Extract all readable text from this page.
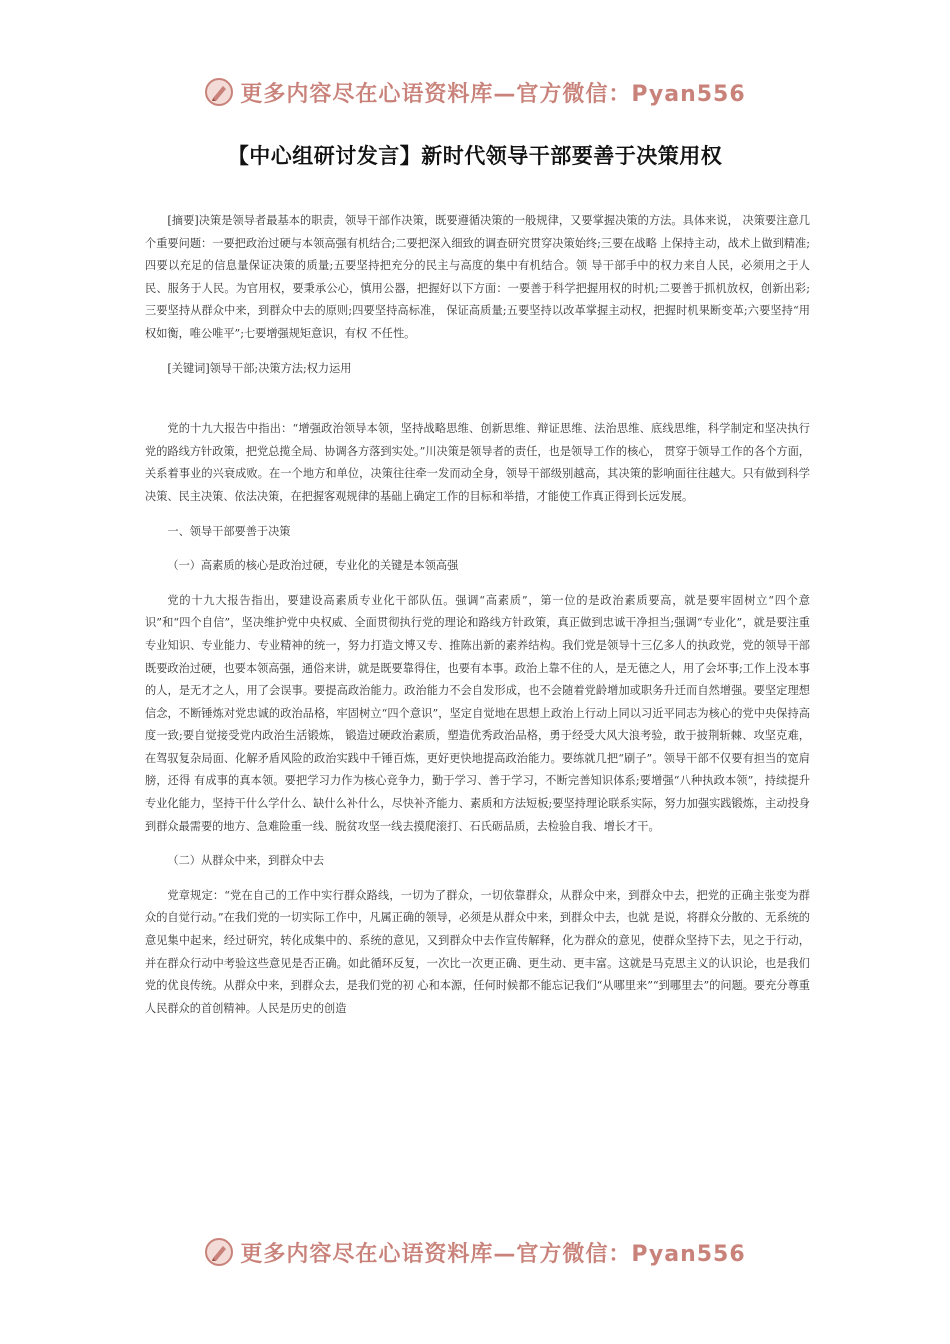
更多内容尽在心语资料库—官方微信：Pyan556
【中心组研讨发言】新时代领导干部要善于决策用权

[摘要]决策是领导者最基本的职责，领导干部作决策，既要遵循决策的一般规律，又要掌握决策的方法。具体来说， 决策要注意几个重要问题：一要把政治过硬与本领高强有机结合;二要把深入细致的调查研究贯穿决策始终;三要在战略 上保持主动，战术上做到精准;四要以充足的信息量保证决策的质量;五要坚持把充分的民主与高度的集中有机结合。领 导干部手中的权力来自人民，必须用之于人民、服务于人民。为官用权，要秉承公心，慎用公器，把握好以下方面：一要善于科学把握用权的时机;二要善于抓机放权，创新出彩;三要坚持从群众中来，到群众中去的原则;四要坚持高标准， 保证高质量;五要坚持以改革掌握主动权，把握时机果断变革;六要坚持“用权如衡，唯公唯平”;七要增强规矩意识，有权 不任性。

[关键词]领导干部;决策方法;权力运用

党的十九大报告中指出：“增强政治领导本领，坚持战略思维、创新思维、辩证思维、法治思维、底线思维，科学制定和坚决执行党的路线方针政策，把党总揽全局、协调各方落到实处。”川决策是领导者的责任，也是领导工作的核心， 贯穿于领导工作的各个方面，关系着事业的兴衰成败。在一个地方和单位，决策往往牵一发而动全身，领导干部级别越高，其决策的影响面往往越大。只有做到科学决策、民主决策、依法决策，在把握客观规律的基础上确定工作的目标和举措，才能使工作真正得到长远发展。

一、领导干部要善于决策

（一）高素质的核心是政治过硬，专业化的关键是本领高强

党的十九大报告指出，要建设高素质专业化干部队伍。强调“高素质”，第一位的是政治素质要高，就是要牢固树立“四个意识”和“四个自信”，坚决维护党中央权威、全面贯彻执行党的理论和路线方针政策，真正做到忠诚干净担当;强调“专业化”，就是要注重专业知识、专业能力、专业精神的统一，努力打造文博又专、推陈出新的素养结构。我们党是领导十三亿多人的执政党，党的领导干部既要政治过硬，也要本领高强，通俗来讲，就是既要靠得住，也要有本事。政治上靠不住的人，是无德之人，用了会坏事;工作上没本事的人，是无才之人，用了会误事。要提高政治能力。政治能力不会自发形成，也不会随着党龄增加或职务升迁而自然增强。要坚定理想信念，不断锤炼对党忠诚的政治品格，牢固树立“四个意识”，坚定自觉地在思想上政治上行动上同以习近平同志为核心的党中央保持高度一致;要自觉接受党内政治生活锻炼， 锻造过硬政治素质，塑造优秀政治品格，勇于经受大风大浪考验，敢于披荆斩棘、攻坚克难，在驾驭复杂局面、化解矛盾风险的政治实践中千锤百炼，更好更快地提高政治能力。要练就几把“刷子”。领导干部不仅要有担当的宽肩膀，还得 有成事的真本领。要把学习力作为核心竞争力，勤于学习、善于学习，不断完善知识体系;要增强“八种执政本领”，持续提升专业化能力，坚持干什么学什么、缺什么补什么，尽快补齐能力、素质和方法短板;要坚持理论联系实际，努力加强实践锻炼，主动投身到群众最需要的地方、急难险重一线、脱贫攻坚一线去摸爬滚打、石氏砺品质，去检验自我、增长才干。

（二）从群众中来，到群众中去

党章规定：“党在自己的工作中实行群众路线，一切为了群众，一切依靠群众，从群众中来，到群众中去，把党的正确主张变为群众的自觉行动。”在我们党的一切实际工作中，凡属正确的领导，必须是从群众中来，到群众中去，也就 是说，将群众分散的、无系统的意见集中起来，经过研究，转化成集中的、系统的意见，又到群众中去作宣传解释，化为群众的意见，使群众坚持下去，见之于行动，并在群众行动中考验这些意见是否正确。如此循环反复，一次比一次更正确、更生动、更丰富。这就是马克思主义的认识论，也是我们党的优良传统。从群众中来，到群众去，是我们党的初 心和本源，任何时候都不能忘记我们“从哪里来”“到哪里去”的问题。要充分尊重人民群众的首创精神。人民是历史的创造

更多内容尽在心语资料库—官方微信：Pyan556
